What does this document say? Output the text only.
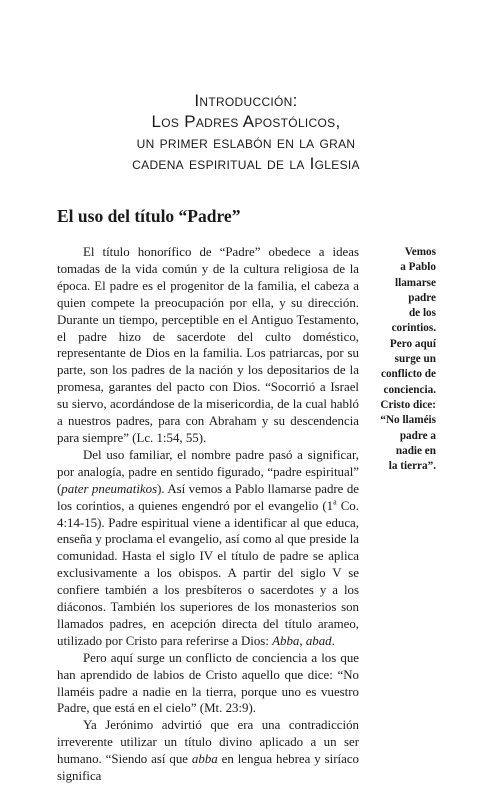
Introducción:
Los Padres Apostólicos,
un primer eslabón en la gran
cadena espiritual de la Iglesia
El uso del título “Padre”

El título honorífico de “Padre” obedece a ideas tomadas de la vida común y de la cultura religiosa de la época. El padre es el progenitor de la familia, el cabeza a quien compete la preocupación por ella, y su dirección. Durante un tiempo, perceptible en el Antiguo Testamento, el padre hizo de sacerdote del culto doméstico, representante de Dios en la familia. Los patriarcas, por su parte, son los padres de la nación y los depositarios de la promesa, garantes del pacto con Dios. “Socorrió a Israel su siervo, acordándose de la misericordia, de la cual habló a nuestros padres, para con Abraham y su descendencia para siempre” (Lc. 1:54, 55).

Del uso familiar, el nombre padre pasó a significar, por analogía, padre en sentido figurado, “padre espiritual” (pater pneumatikos). Así vemos a Pablo llamarse padre de los corintios, a quienes engendró por el evangelio (1$^a$ Co. 4:14-15). Padre espiritual viene a identificar al que educa, enseña y proclama el evangelio, así como al que preside la comunidad. Hasta el siglo IV el título de padre se aplica exclusivamente a los obispos. A partir del siglo V se confiere también a los presbíteros o sacerdotes y a los diáconos. También los superiores de los monasterios son llamados padres, en acepción directa del título arameo, utilizado por Cristo para referirse a Dios: Abba, abad.

Pero aquí surge un conflicto de conciencia a los que han aprendido de labios de Cristo aquello que dice: “No llaméis padre a nadie en la tierra, porque uno es vuestro Padre, que está en el cielo” (Mt. 23:9).

Ya Jerónimo advirtió que era una contradicción irreverente utilizar un título divino aplicado a un ser humano. “Siendo así que abba en lengua hebrea y siríaco significa

Vemos
a Pablo
llamarse
padre
de los
corintios.
Pero aquí
surge un
conflicto de
conciencia.
Cristo dice:
“No llaméis
padre a
nadie en
la tierra”.
